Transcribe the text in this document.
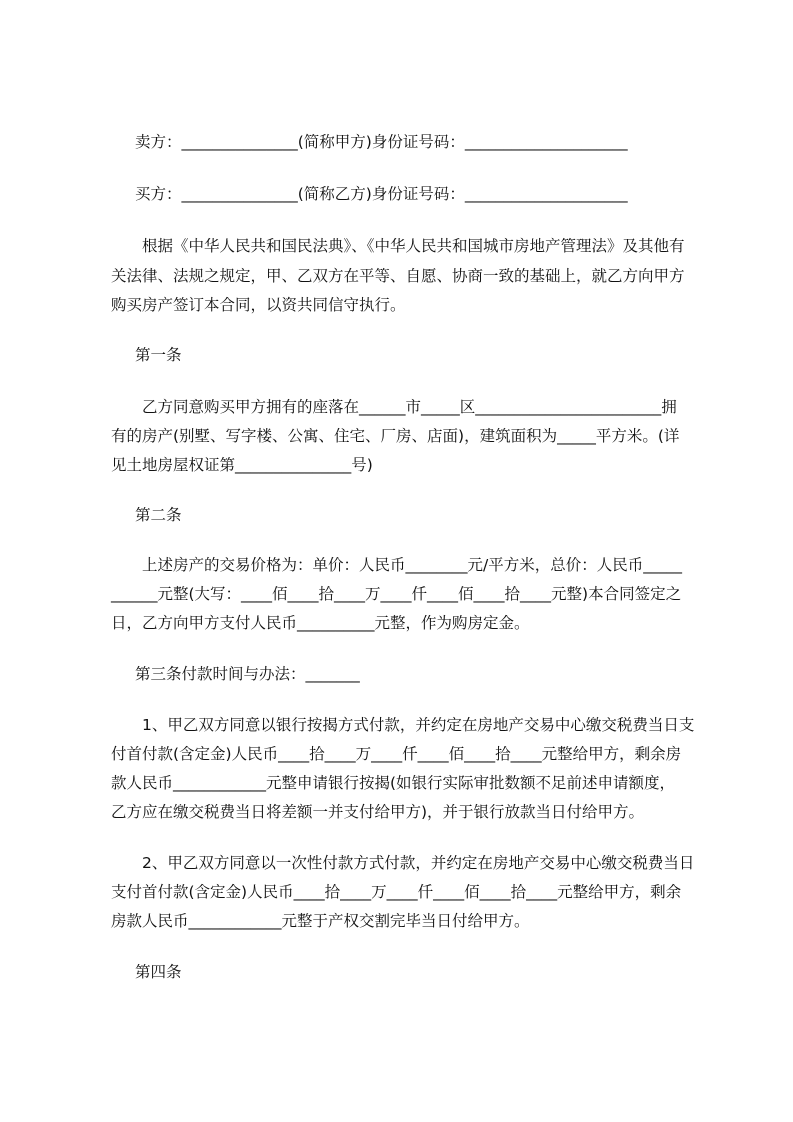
卖方：_______________(简称甲方)身份证号码：_____________________
买方：_______________(简称乙方)身份证号码：_____________________
根据《中华人民共和国民法典》、《中华人民共和国城市房地产管理法》及其他有
关法律、法规之规定，甲、乙双方在平等、自愿、协商一致的基础上，就乙方向甲方
购买房产签订本合同，以资共同信守执行。
第一条
乙方同意购买甲方拥有的座落在______市_____区________________________拥
有的房产(别墅、写字楼、公寓、住宅、厂房、店面)，建筑面积为_____平方米。(详
见土地房屋权证第_______________号)
第二条
上述房产的交易价格为：单价：人民币________元/平方米，总价：人民币_____
______元整(大写：____佰____拾____万____仟____佰____拾____元整)本合同签定之
日，乙方向甲方支付人民币__________元整，作为购房定金。
第三条付款时间与办法：_______
1、甲乙双方同意以银行按揭方式付款，并约定在房地产交易中心缴交税费当日支
付首付款(含定金)人民币____拾____万____仟____佰____拾____元整给甲方，剩余房
款人民币____________元整申请银行按揭(如银行实际审批数额不足前述申请额度，
乙方应在缴交税费当日将差额一并支付给甲方)，并于银行放款当日付给甲方。
2、甲乙双方同意以一次性付款方式付款，并约定在房地产交易中心缴交税费当日
支付首付款(含定金)人民币____拾____万____仟____佰____拾____元整给甲方，剩余
房款人民币____________元整于产权交割完毕当日付给甲方。
第四条
